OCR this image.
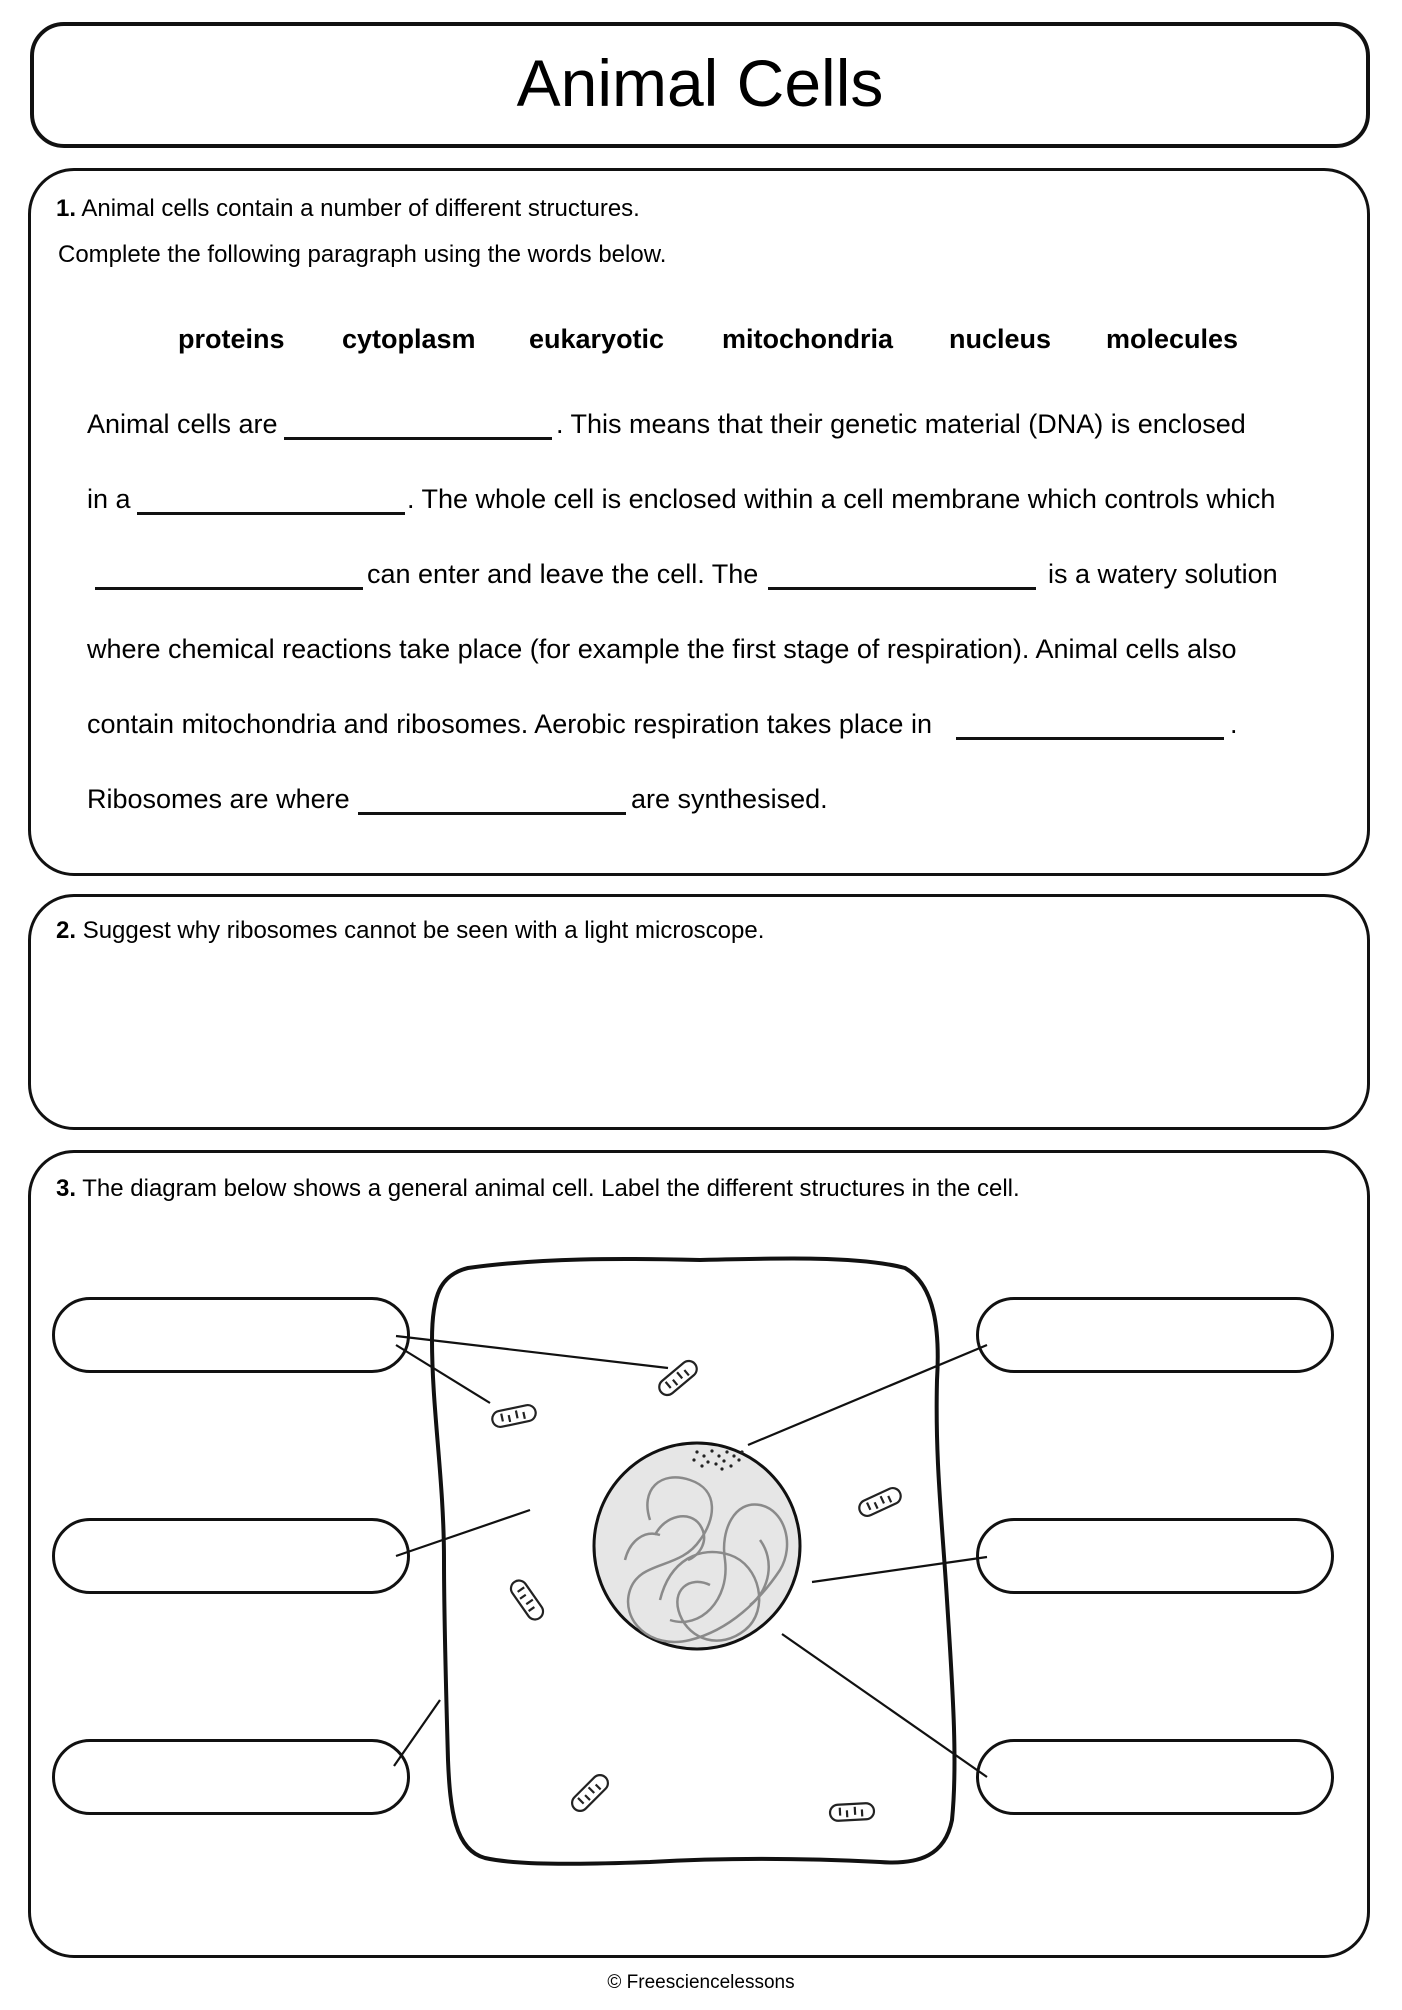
Animal Cells
1. Animal cells contain a number of different structures.
Complete the following paragraph using the words below.
proteins cytoplasm eukaryotic mitochondria nucleus molecules
Animal cells are	. This means that their genetic material (DNA) is enclosed
in a	. The whole cell is enclosed within a cell membrane which controls which
can enter and leave the cell. The	is a watery solution
where chemical reactions take place (for example the first stage of respiration). Animal cells also
contain mitochondria and ribosomes. Aerobic respiration takes place in	.
Ribosomes are where	are synthesised.
2. Suggest why ribosomes cannot be seen with a light microscope.
3. The diagram below shows a general animal cell. Label the different structures in the cell.
© Freesciencelessons
